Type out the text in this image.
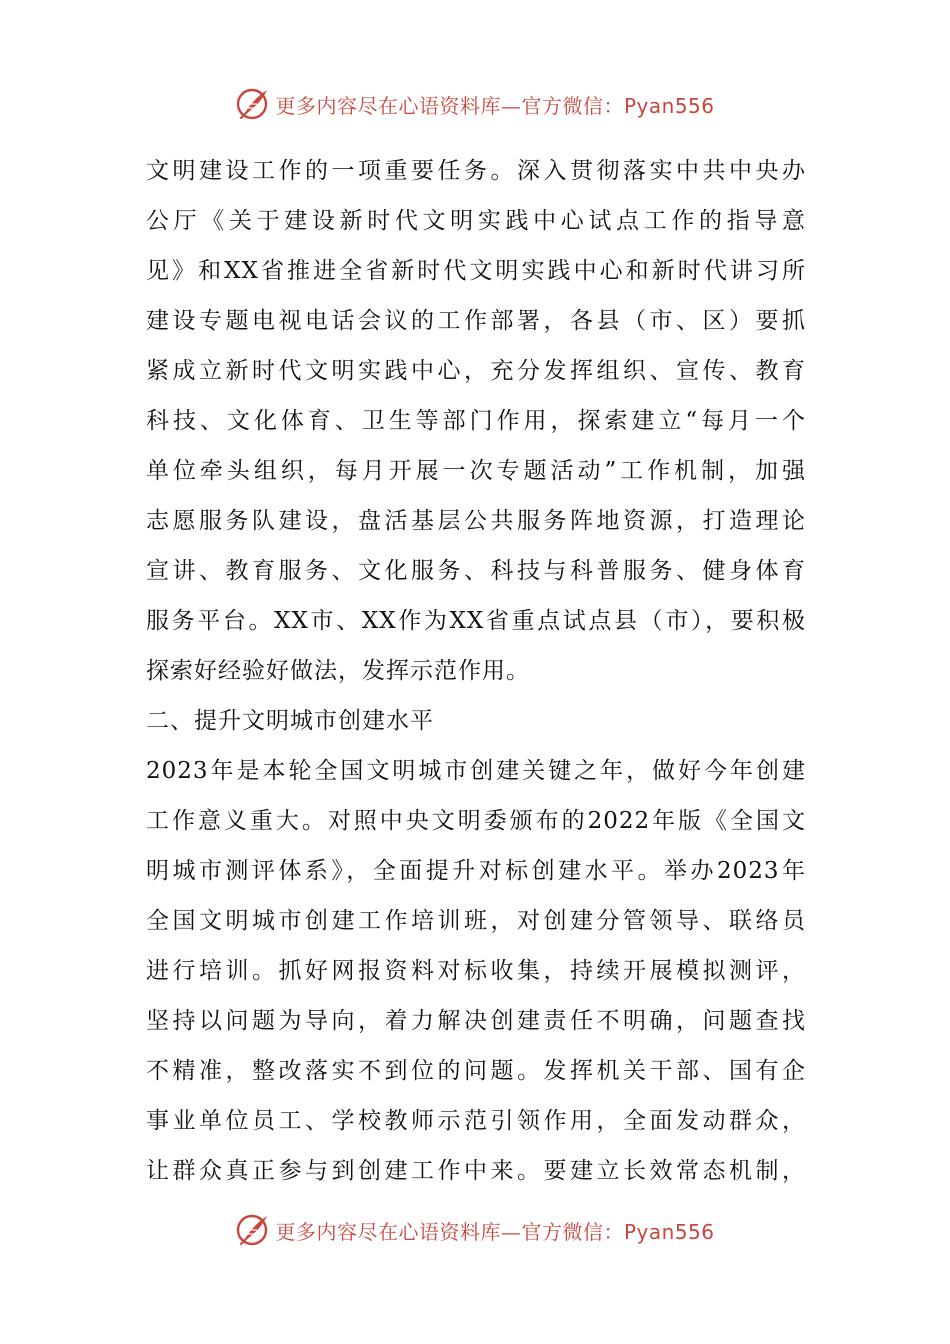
更多内容尽在心语资料库—官方微信：Pyan556
文明建设工作的一项重要任务。深入贯彻落实中共中央办
公厅《关于建设新时代文明实践中心试点工作的指导意
见》和XX省推进全省新时代文明实践中心和新时代讲习所
建设专题电视电话会议的工作部署，各县（市、区）要抓
紧成立新时代文明实践中心，充分发挥组织、宣传、教育
科技、文化体育、卫生等部门作用，探索建立“每月一个
单位牵头组织，每月开展一次专题活动”工作机制，加强
志愿服务队建设，盘活基层公共服务阵地资源，打造理论
宣讲、教育服务、文化服务、科技与科普服务、健身体育
服务平台。XX市、XX作为XX省重点试点县（市），要积极
探索好经验好做法，发挥示范作用。
二、提升文明城市创建水平
2023年是本轮全国文明城市创建关键之年，做好今年创建
工作意义重大。对照中央文明委颁布的2022年版《全国文
明城市测评体系》，全面提升对标创建水平。举办2023年
全国文明城市创建工作培训班，对创建分管领导、联络员
进行培训。抓好网报资料对标收集，持续开展模拟测评，
坚持以问题为导向，着力解决创建责任不明确，问题查找
不精准，整改落实不到位的问题。发挥机关干部、国有企
事业单位员工、学校教师示范引领作用，全面发动群众，
让群众真正参与到创建工作中来。要建立长效常态机制，
更多内容尽在心语资料库—官方微信：Pyan556
